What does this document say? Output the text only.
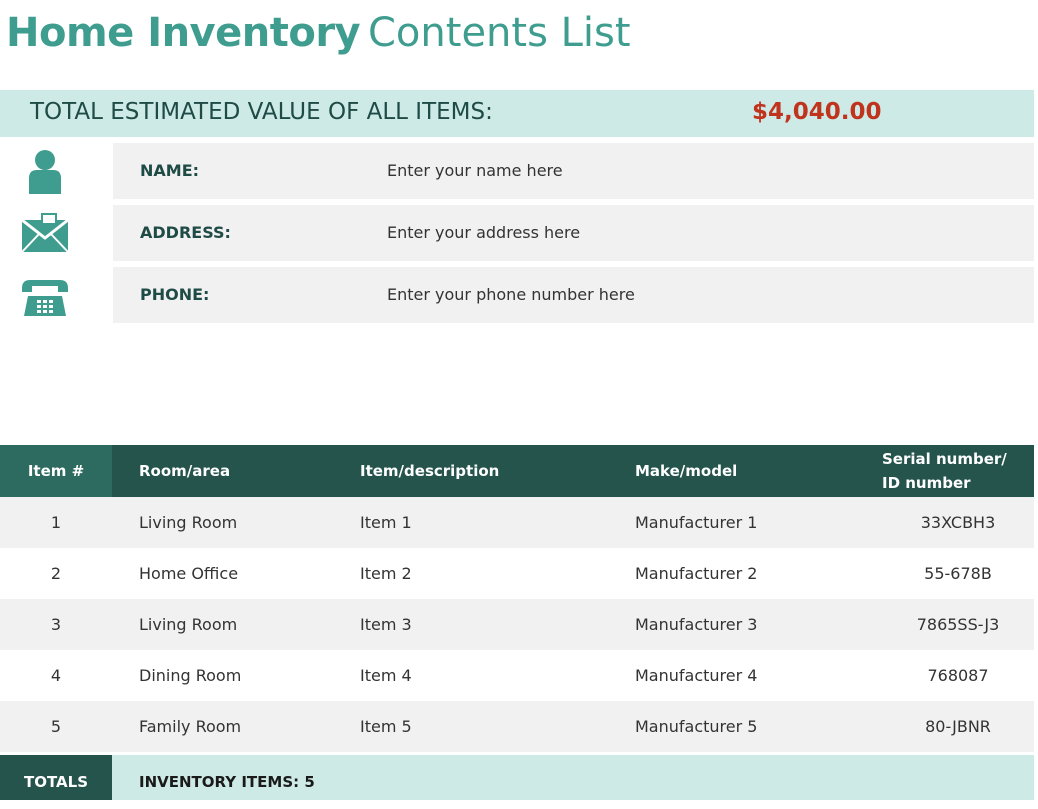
Home Inventory Contents List
TOTAL ESTIMATED VALUE OF ALL ITEMS:	$4,040.00
NAME:	Enter your name here
ADDRESS:	Enter your address here
PHONE:	Enter your phone number here
Item #	Room/area	Item/description	Make/model	Serial number/
ID number
1	Living Room	Item 1	Manufacturer 1	33XCBH3
2	Home Office	Item 2	Manufacturer 2	55-678B
3	Living Room	Item 3	Manufacturer 3	7865SS-J3
4	Dining Room	Item 4	Manufacturer 4	768087
5	Family Room	Item 5	Manufacturer 5	80-JBNR
TOTALS	INVENTORY ITEMS: 5
